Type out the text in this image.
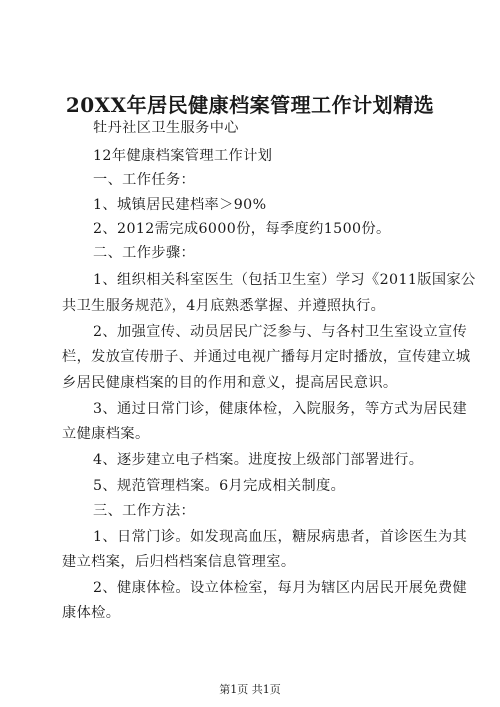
20XX年居民健康档案管理工作计划精选
牡丹社区卫生服务中心
12年健康档案管理工作计划
一、工作任务：
1、城镇居民建档率＞90%
2、2012需完成6000份，每季度约1500份。
二、工作步骤：
1、组织相关科室医生（包括卫生室）学习《2011版国家公
共卫生服务规范》，4月底熟悉掌握、并遵照执行。
2、加强宣传、动员居民广泛参与、与各村卫生室设立宣传
栏，发放宣传册子、并通过电视广播每月定时播放，宣传建立城
乡居民健康档案的目的作用和意义，提高居民意识。
3、通过日常门诊，健康体检，入院服务，等方式为居民建
立健康档案。
4、逐步建立电子档案。进度按上级部门部署进行。
5、规范管理档案。6月完成相关制度。
三、工作方法：
1、日常门诊。如发现高血压，糖尿病患者，首诊医生为其
建立档案，后归档档案信息管理室。
2、健康体检。设立体检室，每月为辖区内居民开展免费健
康体检。
第1页 共1页
